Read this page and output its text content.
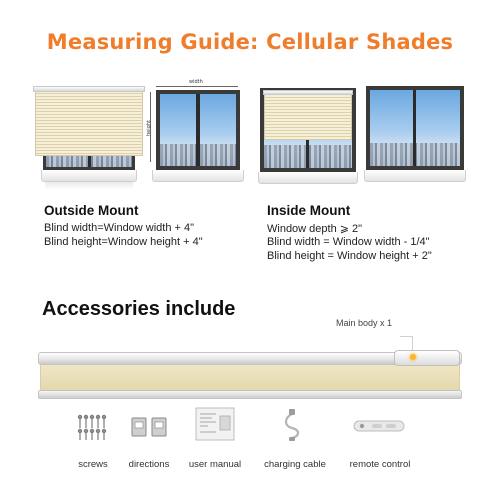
Measuring Guide: Cellular Shades
width
height
Outside Mount
Blind width=Window width + 4"
Blind height=Window height + 4"
Inside Mount
Window depth ⩾ 2"
Blind width = Window width - 1/4"
Blind height = Window height + 2"
Accessories include
Main body x 1
screws	directions	user manual	charging cable	remote control
